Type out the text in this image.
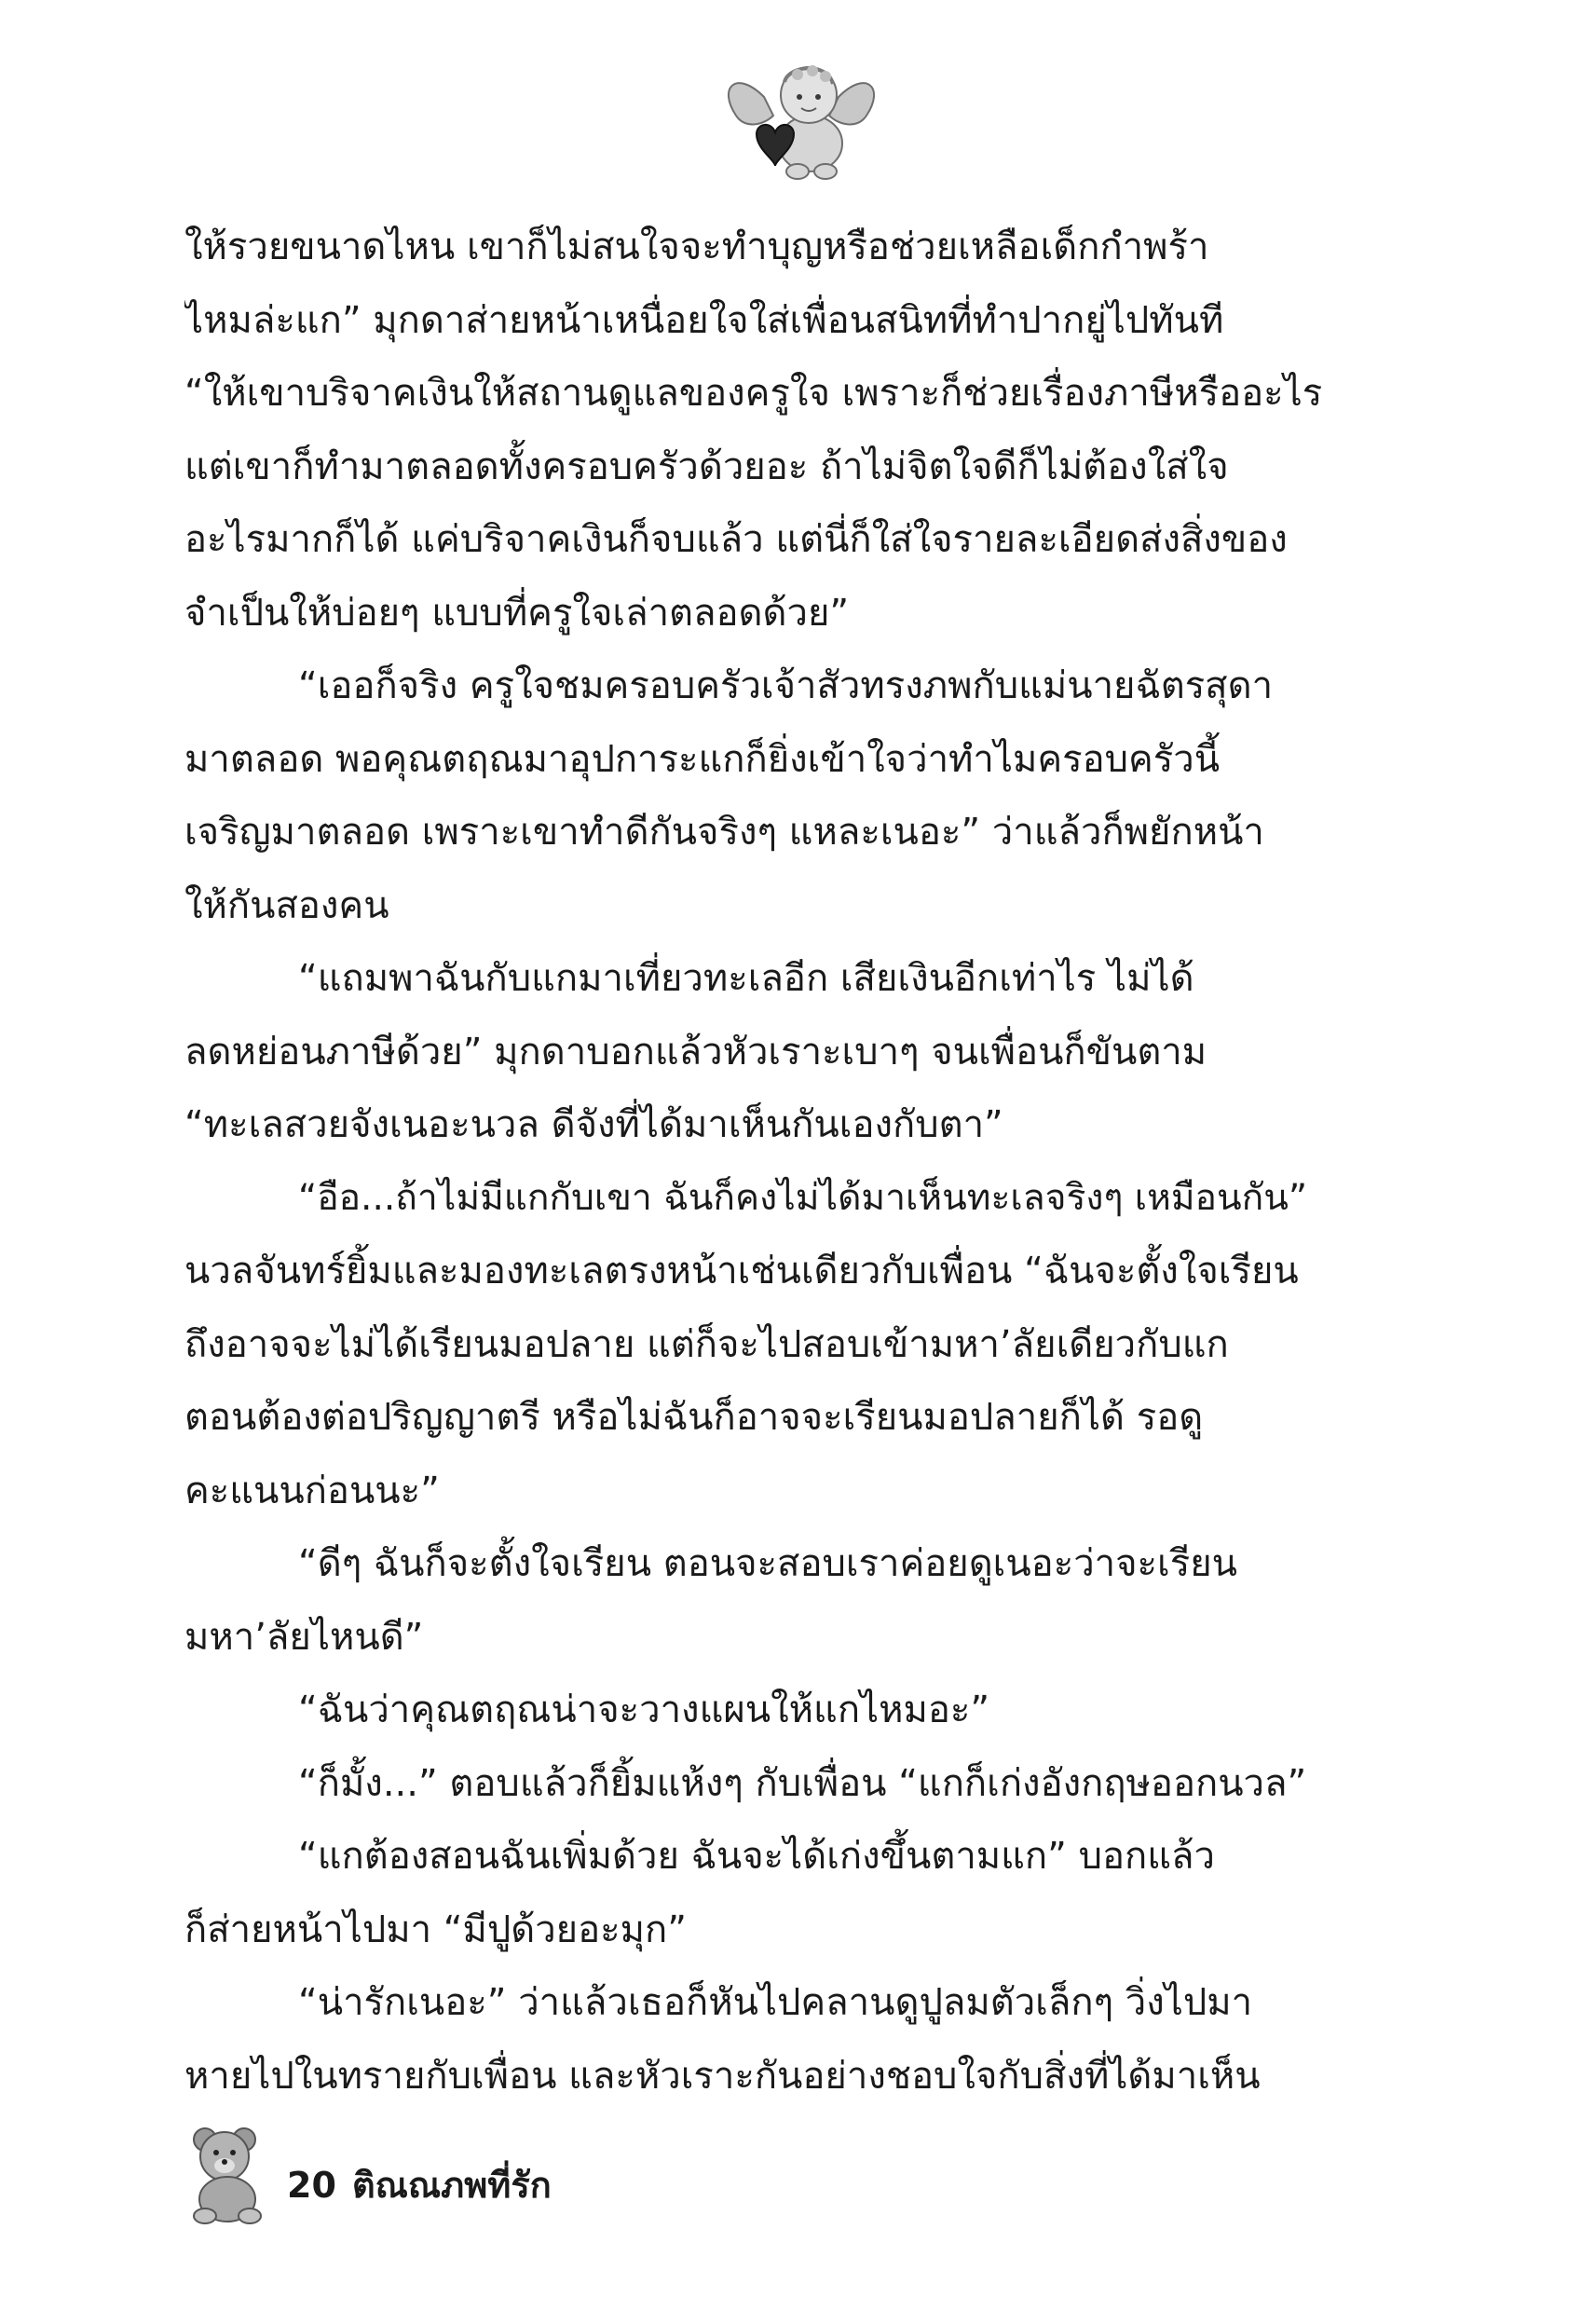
ให้รวยขนาดไหน เขาก็ไม่สนใจจะทำบุญหรือช่วยเหลือเด็กกำพร้า
ไหมล่ะแก” มุกดาส่ายหน้าเหนื่อยใจใส่เพื่อนสนิทที่ทำปากยู่ไปทันที
“ให้เขาบริจาคเงินให้สถานดูแลของครูใจ เพราะก็ช่วยเรื่องภาษีหรืออะไร
แต่เขาก็ทำมาตลอดทั้งครอบครัวด้วยอะ ถ้าไม่จิตใจดีก็ไม่ต้องใส่ใจ
อะไรมากก็ได้ แค่บริจาคเงินก็จบแล้ว แต่นี่ก็ใส่ใจรายละเอียดส่งสิ่งของ
จำเป็นให้บ่อยๆ แบบที่ครูใจเล่าตลอดด้วย”
“เออก็จริง ครูใจชมครอบครัวเจ้าสัวทรงภพกับแม่นายฉัตรสุดา
มาตลอด พอคุณตฤณมาอุปการะแกก็ยิ่งเข้าใจว่าทำไมครอบครัวนี้
เจริญมาตลอด เพราะเขาทำดีกันจริงๆ แหละเนอะ” ว่าแล้วก็พยักหน้า
ให้กันสองคน
“แถมพาฉันกับแกมาเที่ยวทะเลอีก เสียเงินอีกเท่าไร ไม่ได้
ลดหย่อนภาษีด้วย” มุกดาบอกแล้วหัวเราะเบาๆ จนเพื่อนก็ขันตาม
“ทะเลสวยจังเนอะนวล ดีจังที่ได้มาเห็นกันเองกับตา”
“อือ...ถ้าไม่มีแกกับเขา ฉันก็คงไม่ได้มาเห็นทะเลจริงๆ เหมือนกัน”
นวลจันทร์ยิ้มและมองทะเลตรงหน้าเช่นเดียวกับเพื่อน “ฉันจะตั้งใจเรียน
ถึงอาจจะไม่ได้เรียนมอปลาย แต่ก็จะไปสอบเข้ามหา’ลัยเดียวกับแก
ตอนต้องต่อปริญญาตรี หรือไม่ฉันก็อาจจะเรียนมอปลายก็ได้ รอดู
คะแนนก่อนนะ”
“ดีๆ ฉันก็จะตั้งใจเรียน ตอนจะสอบเราค่อยดูเนอะว่าจะเรียน
มหา’ลัยไหนดี”
“ฉันว่าคุณตฤณน่าจะวางแผนให้แกไหมอะ”
“ก็มั้ง...” ตอบแล้วก็ยิ้มแห้งๆ กับเพื่อน “แกก็เก่งอังกฤษออกนวล”
“แกต้องสอนฉันเพิ่มด้วย ฉันจะได้เก่งขึ้นตามแก” บอกแล้ว
ก็ส่ายหน้าไปมา “มีปูด้วยอะมุก”
“น่ารักเนอะ” ว่าแล้วเธอก็หันไปคลานดูปูลมตัวเล็กๆ วิ่งไปมา
หายไปในทรายกับเพื่อน และหัวเราะกันอย่างชอบใจกับสิ่งที่ได้มาเห็น
20 ติณณภพที่รัก
